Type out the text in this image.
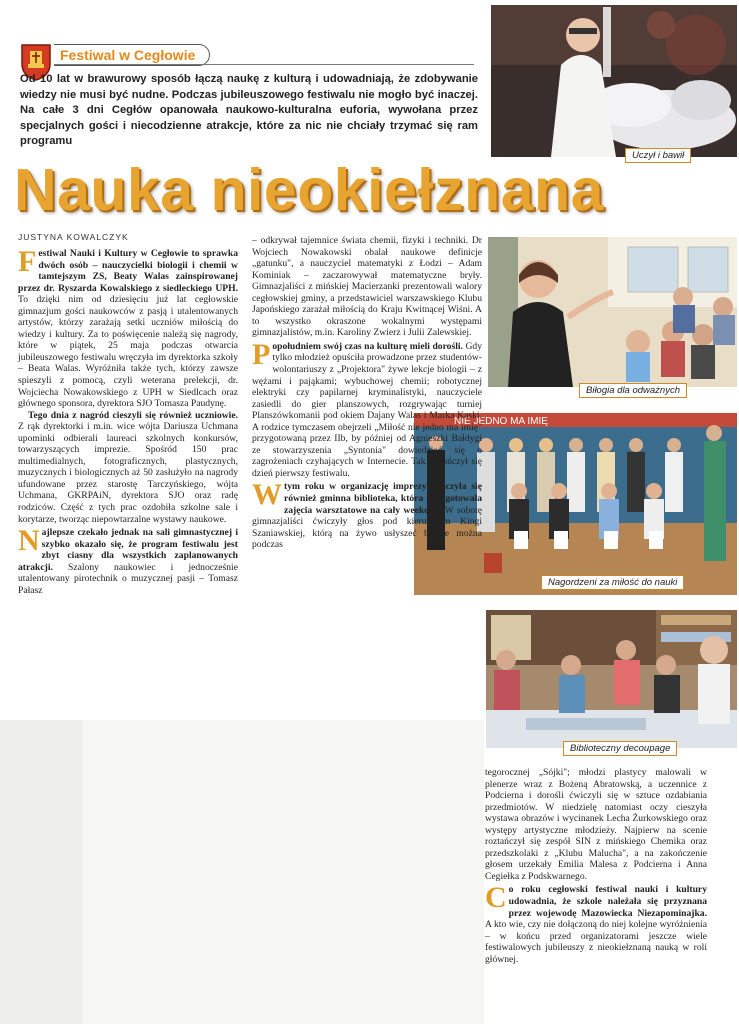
Festiwal w Cegłowie
Od 10 lat w brawurowy sposób łączą naukę z kulturą i udowadniają, że zdobywanie wiedzy nie musi być nudne. Podczas jubileuszowego festiwalu nie mogło być inaczej. Na całe 3 dni Cegłów opanowała naukowo-kulturalna euforia, wywołana przez specjalnych gości i niecodzienne atrakcje, które za nic nie chciały trzymać się ram programu
Nauka nieokiełznana
JUSTYNA KOWALCZYK
Uczył i bawił
Biłogia dla odważnych
NIE JEDNO MA IMIĘ
Nagordzeni za miłość do nauki
Biblioteczny decoupage

F estiwal Nauki i Kultury w Cegłowie to sprawka dwóch osób – nauczycielki biologii i chemii w tamtejszym ZS, Beaty Walas zainspirowanej przez dr. Ryszarda Kowalskiego z siedleckiego UPH. To dzięki nim od dziesięciu już lat cegłowskie gimnazjum gości naukowców z pasją i utalentowanych artystów, którzy zarażają setki uczniów miłością do wiedzy i kultury. Za to poświęcenie należą się nagrody, które w piątek, 25 maja podczas otwarcia jubileuszowego festiwalu wręczyła im dyrektorka szkoły – Beata Walas. Wyróżniła także tych, którzy zawsze spieszyli z pomocą, czyli weterana prelekcji, dr. Wojciecha Nowakowskiego z UPH w Siedlcach oraz głównego sponsora, dyrektora SJO Tomasza Paudynę.

Tego dnia z nagród cieszyli się również uczniowie. Z rąk dyrektorki i m.in. wice wójta Dariusza Uchmana upominki odbierali laureaci szkolnych konkursów, towarzyszących imprezie. Spośród 150 prac multimedialnych, fotograficznych, plastycznych, muzycznych i biologicznych aż 50 zasłużyło na nagrody ufundowane przez starostę Tarczyńskiego, wójta Uchmana, GKRPAiN, dyrektora SJO oraz radę rodziców. Część z tych prac ozdobiła szkolne sale i korytarze, tworząc niepowtarzalne wystawy naukowe.

N ajlepsze czekało jednak na sali gimnastycznej i szybko okazało się, że program festiwalu jest zbyt ciasny dla wszystkich zaplanowanych atrakcji. Szalony naukowiec i jednocześnie utalentowany pirotechnik o muzycznej pasji – Tomasz Pałasz

– odkrywał tajemnice świata chemii, fizyki i techniki. Dr Wojciech Nowakowski obalał naukowe definicje „gatunku", a nauczyciel matematyki z Łodzi – Adam Kominiak – zaczarowywał matematyczne bryły. Gimnazjaliści z mińskiej Macierzanki prezentowali walory cegłowskiej gminy, a przedstawiciel warszawskiego Klubu Japońskiego zarażał miłością do Kraju Kwitnącej Wiśni. A to wszystko okraszone wokalnymi występami gimnazjalistów, m.in. Karoliny Zwierz i Julii Zalewskiej.

P opołudniem swój czas na kulturę mieli dorośli. Gdy tylko młodzież opuściła prowadzone przez studentów-wolontariuszy z „Projektora" żywe lekcje biologii – z wężami i pająkami; wybuchowej chemii; robotycznej elektryki czy papilarnej kryminalistyki, nauczyciele zasiedli do gier planszowych, rozgrywając turniej Planszówkomanii pod okiem Dajany Walas i Marka Kaski. A rodzice tymczasem obejrzeli „Miłość nie jedno ma imię" przygotowaną przez IIb, by później od Agnieszki Bałdygi ze stowarzyszenia „Syntonia" dowiedzieć się o zagrożeniach czyhających w Internecie. Tak zakończył się dzień pierwszy festiwalu.

W tym roku w organizację imprezy włączyła się również gminna biblioteka, która przygotowała zajęcia warsztatowe na cały weekend. W sobotę gimnazjaliści ćwiczyły głos pod kierunkiem Kingi Szaniawskiej, którą na żywo usłyszeć będzie można podczas

tegorocznej „Sójki"; młodzi plastycy malowali w plenerze wraz z Bożeną Abratowską, a uczennice z Podcierna i dorośli ćwiczyli się w sztuce ozdabiania przedmiotów. W niedzielę natomiast oczy cieszyła wystawa obrazów i wycinanek Lecha Żurkowskiego oraz występy artystyczne młodzieży. Najpierw na scenie roztańczył się zespół SIN z mińskiego Chemika oraz przedszkolaki z „Klubu Malucha", a na zakończenie głosem urzekały Emilia Malesa z Podcierna i Anna Cegiełka z Podskwarnego.

C o roku cegłowski festiwal nauki i kultury udowadnia, że szkole należała się przyznana przez wojewodę Mazowiecka Niezapominajka. A kto wie, czy nie dołączoną do niej kolejne wyróżnienia – w końcu przed organizatorami jeszcze wiele festiwalowych jubileuszy z nieokiełznaną nauką w roli głównej.
